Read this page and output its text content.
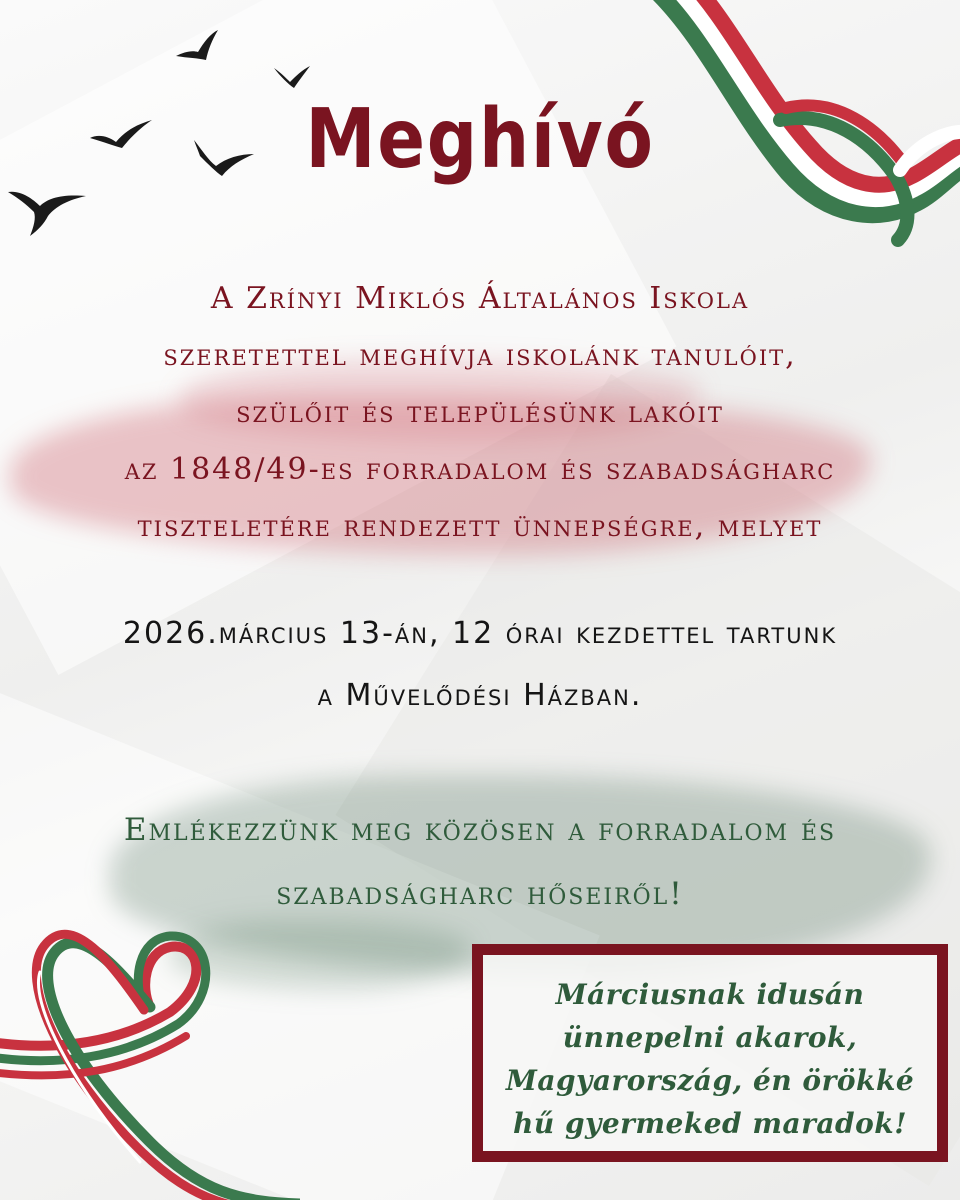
Meghívó
A Zrínyi Miklós Általános Iskola
szeretettel meghívja iskolánk tanulóit,
szülőit és településünk lakóit
az 1848/49-es forradalom és szabadságharc
tiszteletére rendezett ünnepségre, melyet
2026.március 13-án, 12 órai kezdettel tartunk
a Művelődési Házban.
Emlékezzünk meg közösen a forradalom és
szabadságharc hőseiről!
Márciusnak idusán
ünnepelni akarok,
Magyarország, én örökké
hű gyermeked maradok!
